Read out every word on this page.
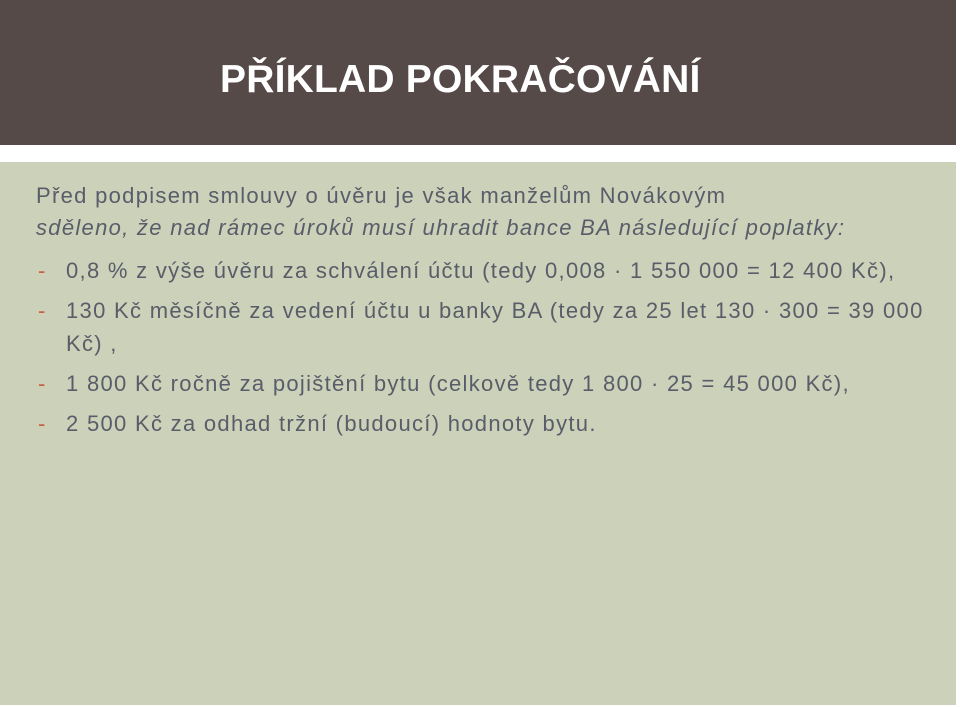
PŘÍKLAD POKRAČOVÁNÍ

Před podpisem smlouvy o úvěru je však manželům Novákovým
sděleno, že nad rámec úroků musí uhradit bance BA následující poplatky:

- 0,8 % z výše úvěru za schválení účtu (tedy 0,008 · 1 550 000 = 12 400 Kč),
- 130 Kč měsíčně za vedení účtu u banky BA (tedy za 25 let 130 · 300 = 39 000 Kč) ,
- 1 800 Kč ročně za pojištění bytu (celkově tedy 1 800 · 25 = 45 000 Kč),
- 2 500 Kč za odhad tržní (budoucí) hodnoty bytu.
